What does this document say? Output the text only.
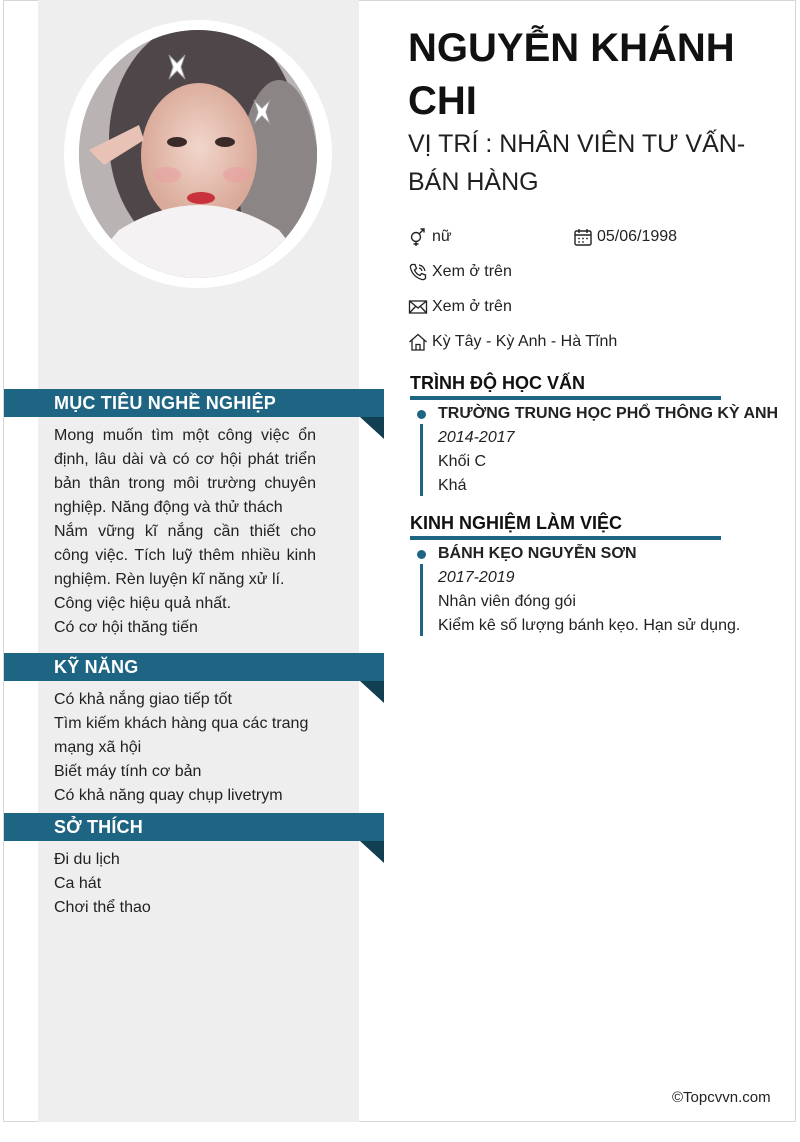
MỤC TIÊU NGHỀ NGHIỆP

Mong muốn tìm một công việc ổn định, lâu dài và có cơ hội phát triển bản thân trong môi trường chuyên nghiệp. Năng động và thử thách

Nắm vững kĩ nắng cần thiết cho công việc. Tích luỹ thêm nhiều kinh nghiệm. Rèn luyện kĩ năng xử lí.

Công việc hiệu quả nhất.

Có cơ hội thăng tiến

KỸ NĂNG

Có khả nắng giao tiếp tốt

Tìm kiếm khách hàng qua các trang mạng xã hội

Biết máy tính cơ bản

Có khả năng quay chụp livetrym

SỞ THÍCH

Đi du lịch

Ca hát

Chơi thể thao

NGUYỄN KHÁNH CHI
VỊ TRÍ : NHÂN VIÊN TƯ VẤN- BÁN HÀNG
nữ	05/06/1998
Xem ở trên
Xem ở trên
Kỳ Tây - Kỳ Anh - Hà Tĩnh
TRÌNH ĐỘ HỌC VẤN
TRƯỜNG TRUNG HỌC PHỔ THÔNG KỲ ANH
2014-2017
Khối C
Khá
KINH NGHIỆM LÀM VIỆC
BÁNH KẸO NGUYỄN SƠN
2017-2019
Nhân viên đóng gói
Kiểm kê số lượng bánh kẹo. Hạn sử dụng.
©Topcvvn.com
